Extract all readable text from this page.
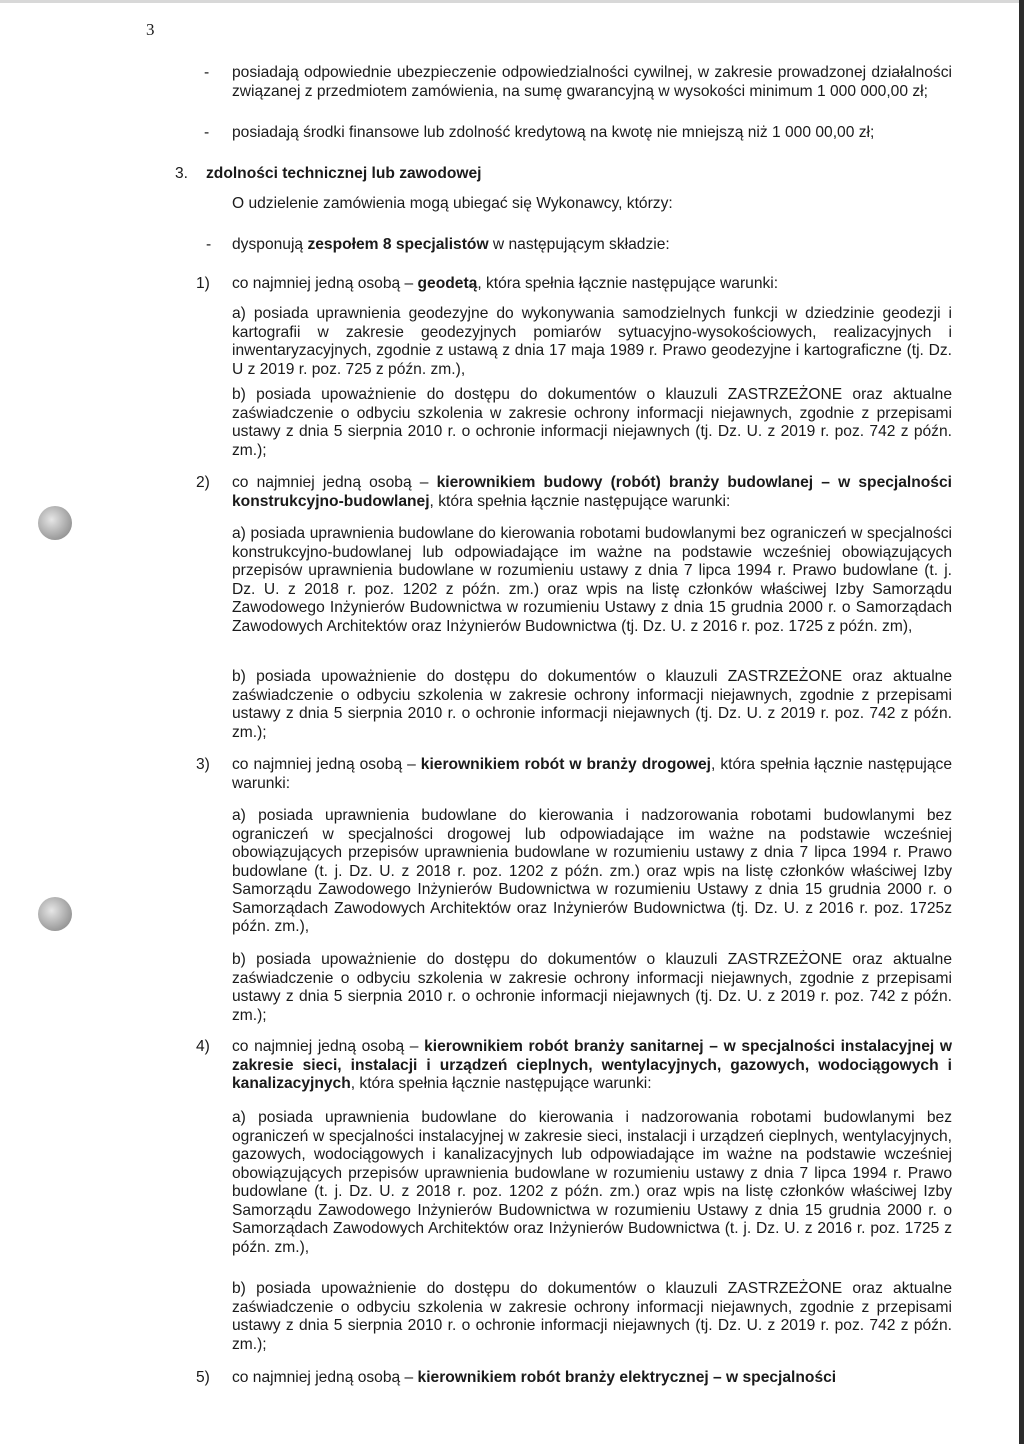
3
- posiadają odpowiednie ubezpieczenie odpowiedzialności cywilnej, w zakresie prowadzonej działalności związanej z przedmiotem zamówienia, na sumę gwarancyjną w wysokości minimum 1 000 000,00 zł;
- posiadają środki finansowe lub zdolność kredytową na kwotę nie mniejszą niż 1 000 00,00 zł;
3. zdolności technicznej lub zawodowej
O udzielenie zamówienia mogą ubiegać się Wykonawcy, którzy:
- dysponują zespołem 8 specjalistów w następującym składzie:
1) co najmniej jedną osobą – geodetą, która spełnia łącznie następujące warunki:
a) posiada uprawnienia geodezyjne do wykonywania samodzielnych funkcji w dziedzinie geodezji i kartografii w zakresie geodezyjnych pomiarów sytuacyjno-wysokościowych, realizacyjnych i inwentaryzacyjnych, zgodnie z ustawą z dnia 17 maja 1989 r. Prawo geodezyjne i kartograficzne (tj. Dz. U z 2019 r. poz. 725 z późn. zm.),
b) posiada upoważnienie do dostępu do dokumentów o klauzuli ZASTRZEŻONE oraz aktualne zaświadczenie o odbyciu szkolenia w zakresie ochrony informacji niejawnych, zgodnie z przepisami ustawy z dnia 5 sierpnia 2010 r. o ochronie informacji niejawnych (tj. Dz. U. z 2019 r. poz. 742 z późn. zm.);
2) co najmniej jedną osobą – kierownikiem budowy (robót) branży budowlanej – w specjalności konstrukcyjno-budowlanej, która spełnia łącznie następujące warunki:
a) posiada uprawnienia budowlane do kierowania robotami budowlanymi bez ograniczeń w specjalności konstrukcyjno-budowlanej lub odpowiadające im ważne na podstawie wcześniej obowiązujących przepisów uprawnienia budowlane w rozumieniu ustawy z dnia 7 lipca 1994 r. Prawo budowlane (t. j. Dz. U. z 2018 r. poz. 1202 z późn. zm.) oraz wpis na listę członków właściwej Izby Samorządu Zawodowego Inżynierów Budownictwa w rozumieniu Ustawy z dnia 15 grudnia 2000 r. o Samorządach Zawodowych Architektów oraz Inżynierów Budownictwa (tj. Dz. U. z 2016 r. poz. 1725 z późn. zm),
b) posiada upoważnienie do dostępu do dokumentów o klauzuli ZASTRZEŻONE oraz aktualne zaświadczenie o odbyciu szkolenia w zakresie ochrony informacji niejawnych, zgodnie z przepisami ustawy z dnia 5 sierpnia 2010 r. o ochronie informacji niejawnych (tj. Dz. U. z 2019 r. poz. 742 z późn. zm.);
3) co najmniej jedną osobą – kierownikiem robót w branży drogowej, która spełnia łącznie następujące warunki:
a) posiada uprawnienia budowlane do kierowania i nadzorowania robotami budowlanymi bez ograniczeń w specjalności drogowej lub odpowiadające im ważne na podstawie wcześniej obowiązujących przepisów uprawnienia budowlane w rozumieniu ustawy z dnia 7 lipca 1994 r. Prawo budowlane (t. j. Dz. U. z 2018 r. poz. 1202 z późn. zm.) oraz wpis na listę członków właściwej Izby Samorządu Zawodowego Inżynierów Budownictwa w rozumieniu Ustawy z dnia 15 grudnia 2000 r. o Samorządach Zawodowych Architektów oraz Inżynierów Budownictwa (tj. Dz. U. z 2016 r. poz. 1725z późn. zm.),
b) posiada upoważnienie do dostępu do dokumentów o klauzuli ZASTRZEŻONE oraz aktualne zaświadczenie o odbyciu szkolenia w zakresie ochrony informacji niejawnych, zgodnie z przepisami ustawy z dnia 5 sierpnia 2010 r. o ochronie informacji niejawnych (tj. Dz. U. z 2019 r. poz. 742 z późn. zm.);
4) co najmniej jedną osobą – kierownikiem robót branży sanitarnej – w specjalności instalacyjnej w zakresie sieci, instalacji i urządzeń cieplnych, wentylacyjnych, gazowych, wodociągowych i kanalizacyjnych, która spełnia łącznie następujące warunki:
a) posiada uprawnienia budowlane do kierowania i nadzorowania robotami budowlanymi bez ograniczeń w specjalności instalacyjnej w zakresie sieci, instalacji i urządzeń cieplnych, wentylacyjnych, gazowych, wodociągowych i kanalizacyjnych lub odpowiadające im ważne na podstawie wcześniej obowiązujących przepisów uprawnienia budowlane w rozumieniu ustawy z dnia 7 lipca 1994 r. Prawo budowlane (t. j. Dz. U. z 2018 r. poz. 1202 z późn. zm.) oraz wpis na listę członków właściwej Izby Samorządu Zawodowego Inżynierów Budownictwa w rozumieniu Ustawy z dnia 15 grudnia 2000 r. o Samorządach Zawodowych Architektów oraz Inżynierów Budownictwa (t. j. Dz. U. z 2016 r. poz. 1725 z późn. zm.),
b) posiada upoważnienie do dostępu do dokumentów o klauzuli ZASTRZEŻONE oraz aktualne zaświadczenie o odbyciu szkolenia w zakresie ochrony informacji niejawnych, zgodnie z przepisami ustawy z dnia 5 sierpnia 2010 r. o ochronie informacji niejawnych (tj. Dz. U. z 2019 r. poz. 742 z późn. zm.);
5) co najmniej jedną osobą – kierownikiem robót branży elektrycznej – w specjalności
